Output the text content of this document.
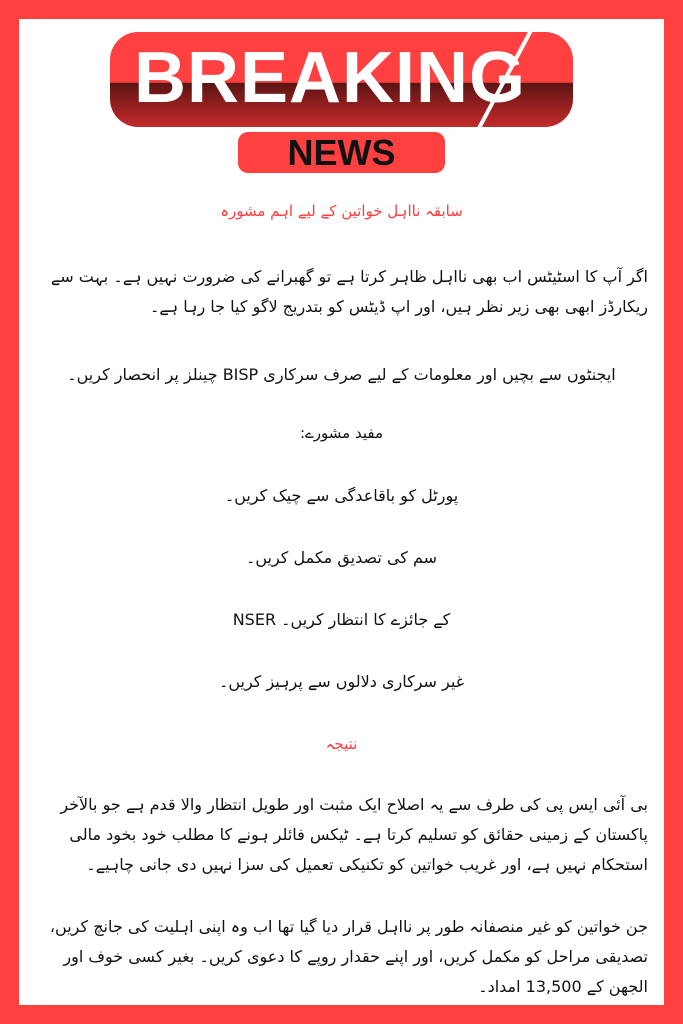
BREAKING
NEWS
سابقہ نااہل خواتین کے لیے اہم مشورہ
اگر آپ کا اسٹیٹس اب بھی نااہل ظاہر کرتا ہے تو گھبرانے کی ضرورت نہیں ہے۔ بہت سے ریکارڈز ابھی بھی زیر نظر ہیں، اور اپ ڈیٹس کو بتدریج لاگو کیا جا رہا ہے۔
ایجنٹوں سے بچیں اور معلومات کے لیے صرف سرکاری BISP چینلز پر انحصار کریں۔
مفید مشورے:
پورٹل کو باقاعدگی سے چیک کریں۔
سم کی تصدیق مکمل کریں۔
NSER کے جائزے کا انتظار کریں۔
غیر سرکاری دلالوں سے پرہیز کریں۔
نتیجہ
بی آئی ایس پی کی طرف سے یہ اصلاح ایک مثبت اور طویل انتظار والا قدم ہے جو بالآخر پاکستان کے زمینی حقائق کو تسلیم کرتا ہے۔ ٹیکس فائلر ہونے کا مطلب خود بخود مالی استحکام نہیں ہے، اور غریب خواتین کو تکنیکی تعمیل کی سزا نہیں دی جانی چاہیے۔
جن خواتین کو غیر منصفانہ طور پر نااہل قرار دیا گیا تھا اب وہ اپنی اہلیت کی جانچ کریں، تصدیقی مراحل کو مکمل کریں، اور اپنے حقدار روپے کا دعوی کریں۔ بغیر کسی خوف اور الجھن کے 13,500 امداد۔
